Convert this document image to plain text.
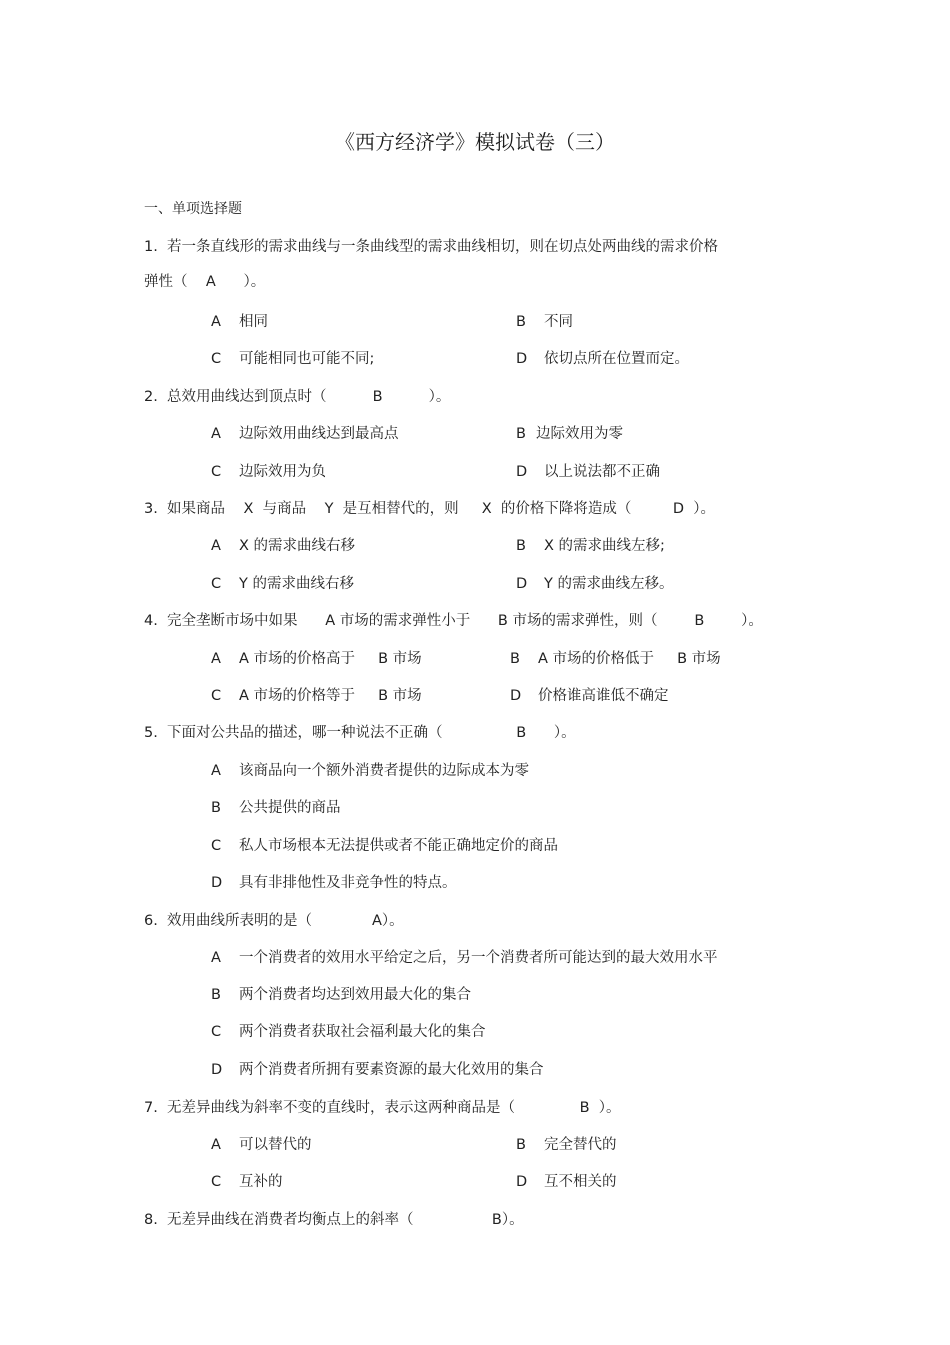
《西方经济学》模拟试卷（三）
一、单项选择题
1.  若一条直线形的需求曲线与一条曲线型的需求曲线相切，则在切点处两曲线的需求价格
弹性（    A      ）。
A 相同	B 不同
C 可能相同也可能不同;	D 依切点所在位置而定。
2.  总效用曲线达到顶点时（          B          ）。
A 边际效用曲线达到最高点	B 边际效用为零
C 边际效用为负	D 以上说法都不正确
3.  如果商品    X  与商品    Y  是互相替代的，则     X  的价格下降将造成（         D  ）。
A X 的需求曲线右移	B X 的需求曲线左移;
C Y 的需求曲线右移	D Y 的需求曲线左移。
4.  完全垄断市场中如果      A 市场的需求弹性小于      B 市场的需求弹性，则（        B        ）。
A A 市场的价格高于     B 市场	B A 市场的价格低于     B 市场
C A 市场的价格等于     B 市场	D 价格谁高谁低不确定
5.  下面对公共品的描述，哪一种说法不正确（                B      ）。
A 该商品向一个额外消费者提供的边际成本为零
B 公共提供的商品
C 私人市场根本无法提供或者不能正确地定价的商品
D 具有非排他性及非竞争性的特点。
6.  效用曲线所表明的是（             A）。
A 一个消费者的效用水平给定之后，另一个消费者所可能达到的最大效用水平
B 两个消费者均达到效用最大化的集合
C 两个消费者获取社会福利最大化的集合
D 两个消费者所拥有要素资源的最大化效用的集合
7.  无差异曲线为斜率不变的直线时，表示这两种商品是（              B  ）。
A 可以替代的	B 完全替代的
C 互补的	D 互不相关的
8.  无差异曲线在消费者均衡点上的斜率（                 B）。
